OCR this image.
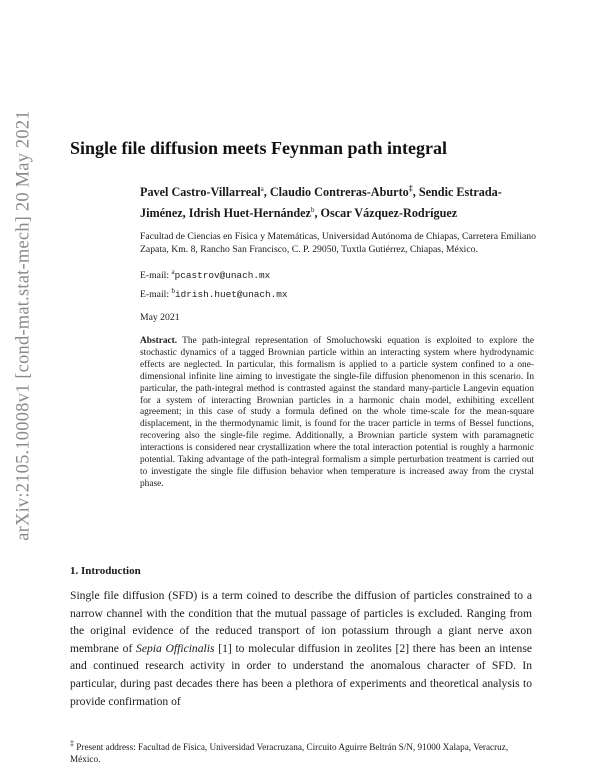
arXiv:2105.10008v1 [cond-mat.stat-mech] 20 May 2021 Single file diffusion meets Feynman path integral

Pavel Castro-Villarreal$^a$, Claudio Contreras-Aburto‡, Sendic Estrada-Jiménez, Idrish Huet-Hernández$^b$, Oscar Vázquez-Rodríguez

Facultad de Ciencias en Física y Matemáticas, Universidad Autónoma de Chiapas, Carretera Emiliano Zapata, Km. 8, Rancho San Francisco, C. P. 29050, Tuxtla Gutiérrez, Chiapas, México.
E-mail: $^a$pcastrov@unach.mx
E-mail: $^b$idrish.huet@unach.mx
May 2021

Abstract. The path-integral representation of Smoluchowski equation is exploited to explore the stochastic dynamics of a tagged Brownian particle within an interacting system where hydrodynamic effects are neglected. In particular, this formalism is applied to a particle system confined to a one-dimensional infinite line aiming to investigate the single-file diffusion phenomenon in this scenario. In particular, the path-integral method is contrasted against the standard many-particle Langevin equation for a system of interacting Brownian particles in a harmonic chain model, exhibiting excellent agreement; in this case of study a formula defined on the whole time-scale for the mean-square displacement, in the thermodynamic limit, is found for the tracer particle in terms of Bessel functions, recovering also the single-file regime. Additionally, a Brownian particle system with paramagnetic interactions is considered near crystallization where the total interaction potential is roughly a harmonic potential. Taking advantage of the path-integral formalism a simple perturbation treatment is carried out to investigate the single file diffusion behavior when temperature is increased away from the crystal phase.

1. Introduction

Single file diffusion (SFD) is a term coined to describe the diffusion of particles constrained to a narrow channel with the condition that the mutual passage of particles is excluded. Ranging from the original evidence of the reduced transport of ion potassium through a giant nerve axon membrane of Sepia Officinalis [1] to molecular diffusion in zeolites [2] there has been an intense and continued research activity in order to understand the anomalous character of SFD. In particular, during past decades there has been a plethora of experiments and theoretical analysis to provide confirmation of

‡ Present address: Facultad de Física, Universidad Veracruzana, Circuito Aguirre Beltrán S/N, 91000 Xalapa, Veracruz, México.
